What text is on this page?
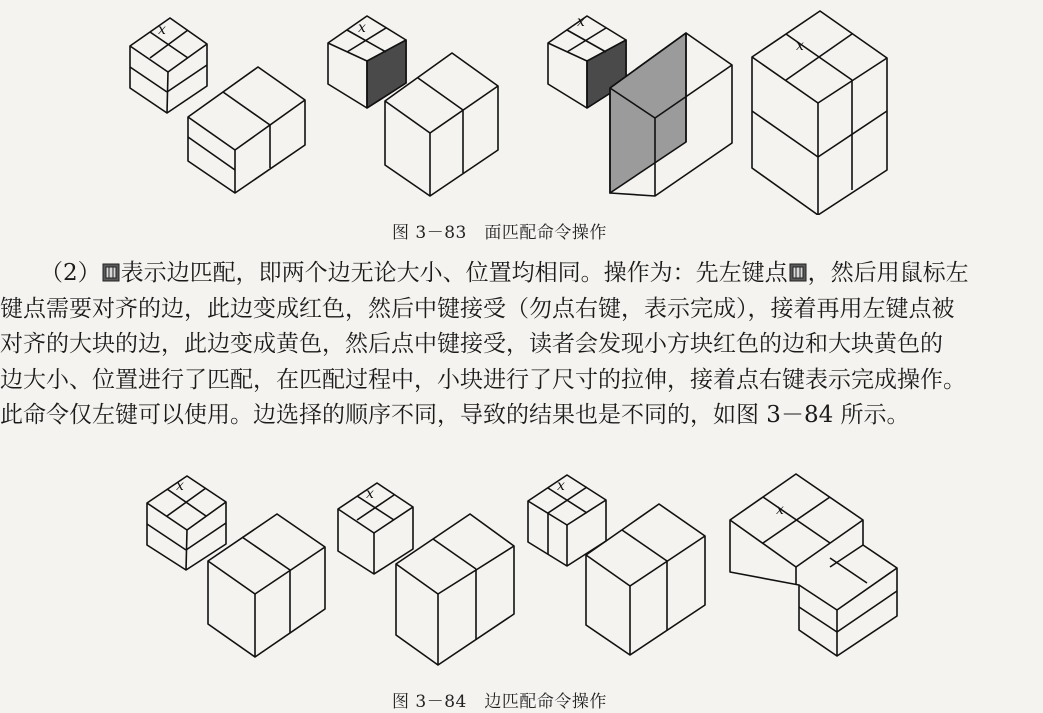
x	x	x
x
图 3－83　面匹配命令操作
（2） 表示边匹配，即两个边无论大小、位置均相同。操作为：先左键点 ，然后用鼠标左
键点需要对齐的边，此边变成红色，然后中键接受（勿点右键，表示完成），接着再用左键点被
对齐的大块的边，此边变成黄色，然后点中键接受，读者会发现小方块红色的边和大块黄色的
边大小、位置进行了匹配，在匹配过程中，小块进行了尺寸的拉伸，接着点右键表示完成操作。
此命令仅左键可以使用。边选择的顺序不同，导致的结果也是不同的，如图 3－84 所示。
x	x	x
x
图 3－84　边匹配命令操作
